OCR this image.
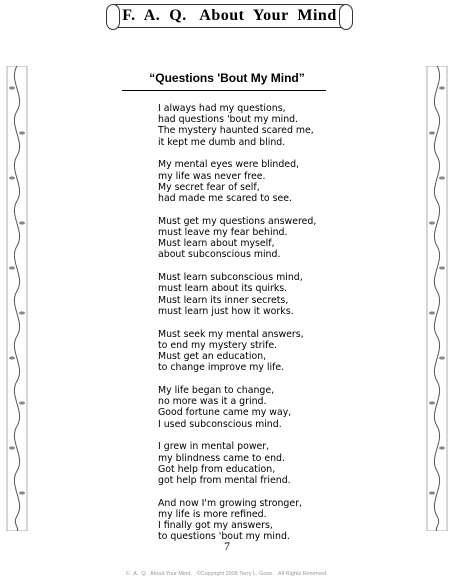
F.  A.  Q.   About  Your  Mind
“Questions 'Bout My Mind”
I always had my questions,
had questions 'bout my mind.
The mystery haunted scared me,
it kept me dumb and blind.
My mental eyes were blinded,
my life was never free.
My secret fear of self,
had made me scared to see.
Must get my questions answered,
must leave my fear behind.
Must learn about myself,
about subconscious mind.
Must learn subconscious mind,
must learn about its quirks.
Must learn its inner secrets,
must learn just how it works.
Must seek my mental answers,
to end my mystery strife.
Must get an education,
to change improve my life.
My life began to change,
no more was it a grind.
Good fortune came my way,
I used subconscious mind.
I grew in mental power,
my blindness came to end.
Got help from education,
got help from mental friend.
And now I'm growing stronger,
my life is more refined.
I finally got my answers,
to questions 'bout my mind.
7
F.  A.  Q.  About Your Mind.   ©Copyright 2008 Terry L. Gose.   All Rights Reserved.
